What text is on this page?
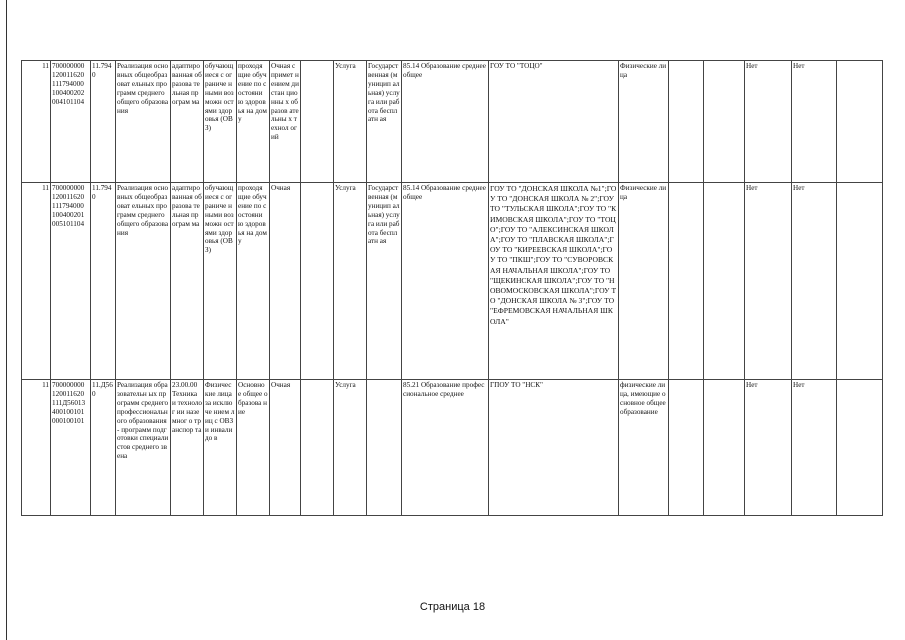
11	700000000 120011620 111794000 100400202 004101104	11.794 0	Реализация основных общеобразоват ельных программ среднего общего образования	адаптиро ванная образова тельная програм ма	обучающ иеся с ограниче нными возможн остями здоровья (ОВЗ)	проходя щие обучение по состояни ю здоровья на дому	Очная с примет нением дистан ционны х образов ательны х технол огий		Услуга	Государст венная (муницип альная) услуга или работа бесплатн ая	85.14 Образование среднее общее	ГОУ ТО "ТОЦО"	Физические лица			Нет	Нет	
11	700000000 120011620 111794000 100400201 005101104	11.794 0	Реализация основных общеобразоват ельных программ среднего общего образования	адаптиро ванная образова тельная програм ма	обучающ иеся с ограниче нными возможн остями здоровья (ОВЗ)	проходя щие обучение по состояни ю здоровья на дому	Очная		Услуга	Государст венная (муницип альная) услуга или работа бесплатн ая	85.14 Образование среднее общее	ГОУ ТО "ДОНСКАЯ ШКОЛА №1";ГОУ ТО "ДОНСКАЯ ШКОЛА № 2";ГОУ ТО "ТУЛЬСКАЯ ШКОЛА";ГОУ ТО "КИМОВСКАЯ ШКОЛА";ГОУ ТО "ТОЦО";ГОУ ТО "АЛЕКСИНСКАЯ ШКОЛА";ГОУ ТО "ПЛАВСКАЯ ШКОЛА";ГОУ ТО "КИРЕЕВСКАЯ ШКОЛА";ГОУ ТО "ПКШ";ГОУ ТО "СУВОРОВСКАЯ НАЧАЛЬНАЯ ШКОЛА";ГОУ ТО "ЩЕКИНСКАЯ ШКОЛА";ГОУ ТО "НОВОМОСКОВСКАЯ ШКОЛА";ГОУ ТО "ДОНСКАЯ ШКОЛА № 3";ГОУ ТО "ЕФРЕМОВСКАЯ НАЧАЛЬНАЯ ШКОЛА"	Физические лица			Нет	Нет	
11	700000000 120011620 111Д56013 400100101 000100101	11.Д56 0	Реализация образовательн ых программ среднего профессиональн ого образования - программ подготовки специалистов среднего звена	23.00.00 Техника и технолог ии наземног о транспор та	Физичес кие лица за исключе нием лиц с ОВЗ и инвалидо в	Основно е общее образова ние	Очная		Услуга		85.21 Образование профессиональное среднее	ГПОУ ТО "НСК"	физические лица, имеющие основное общее образование			Нет	Нет	
Страница 18
